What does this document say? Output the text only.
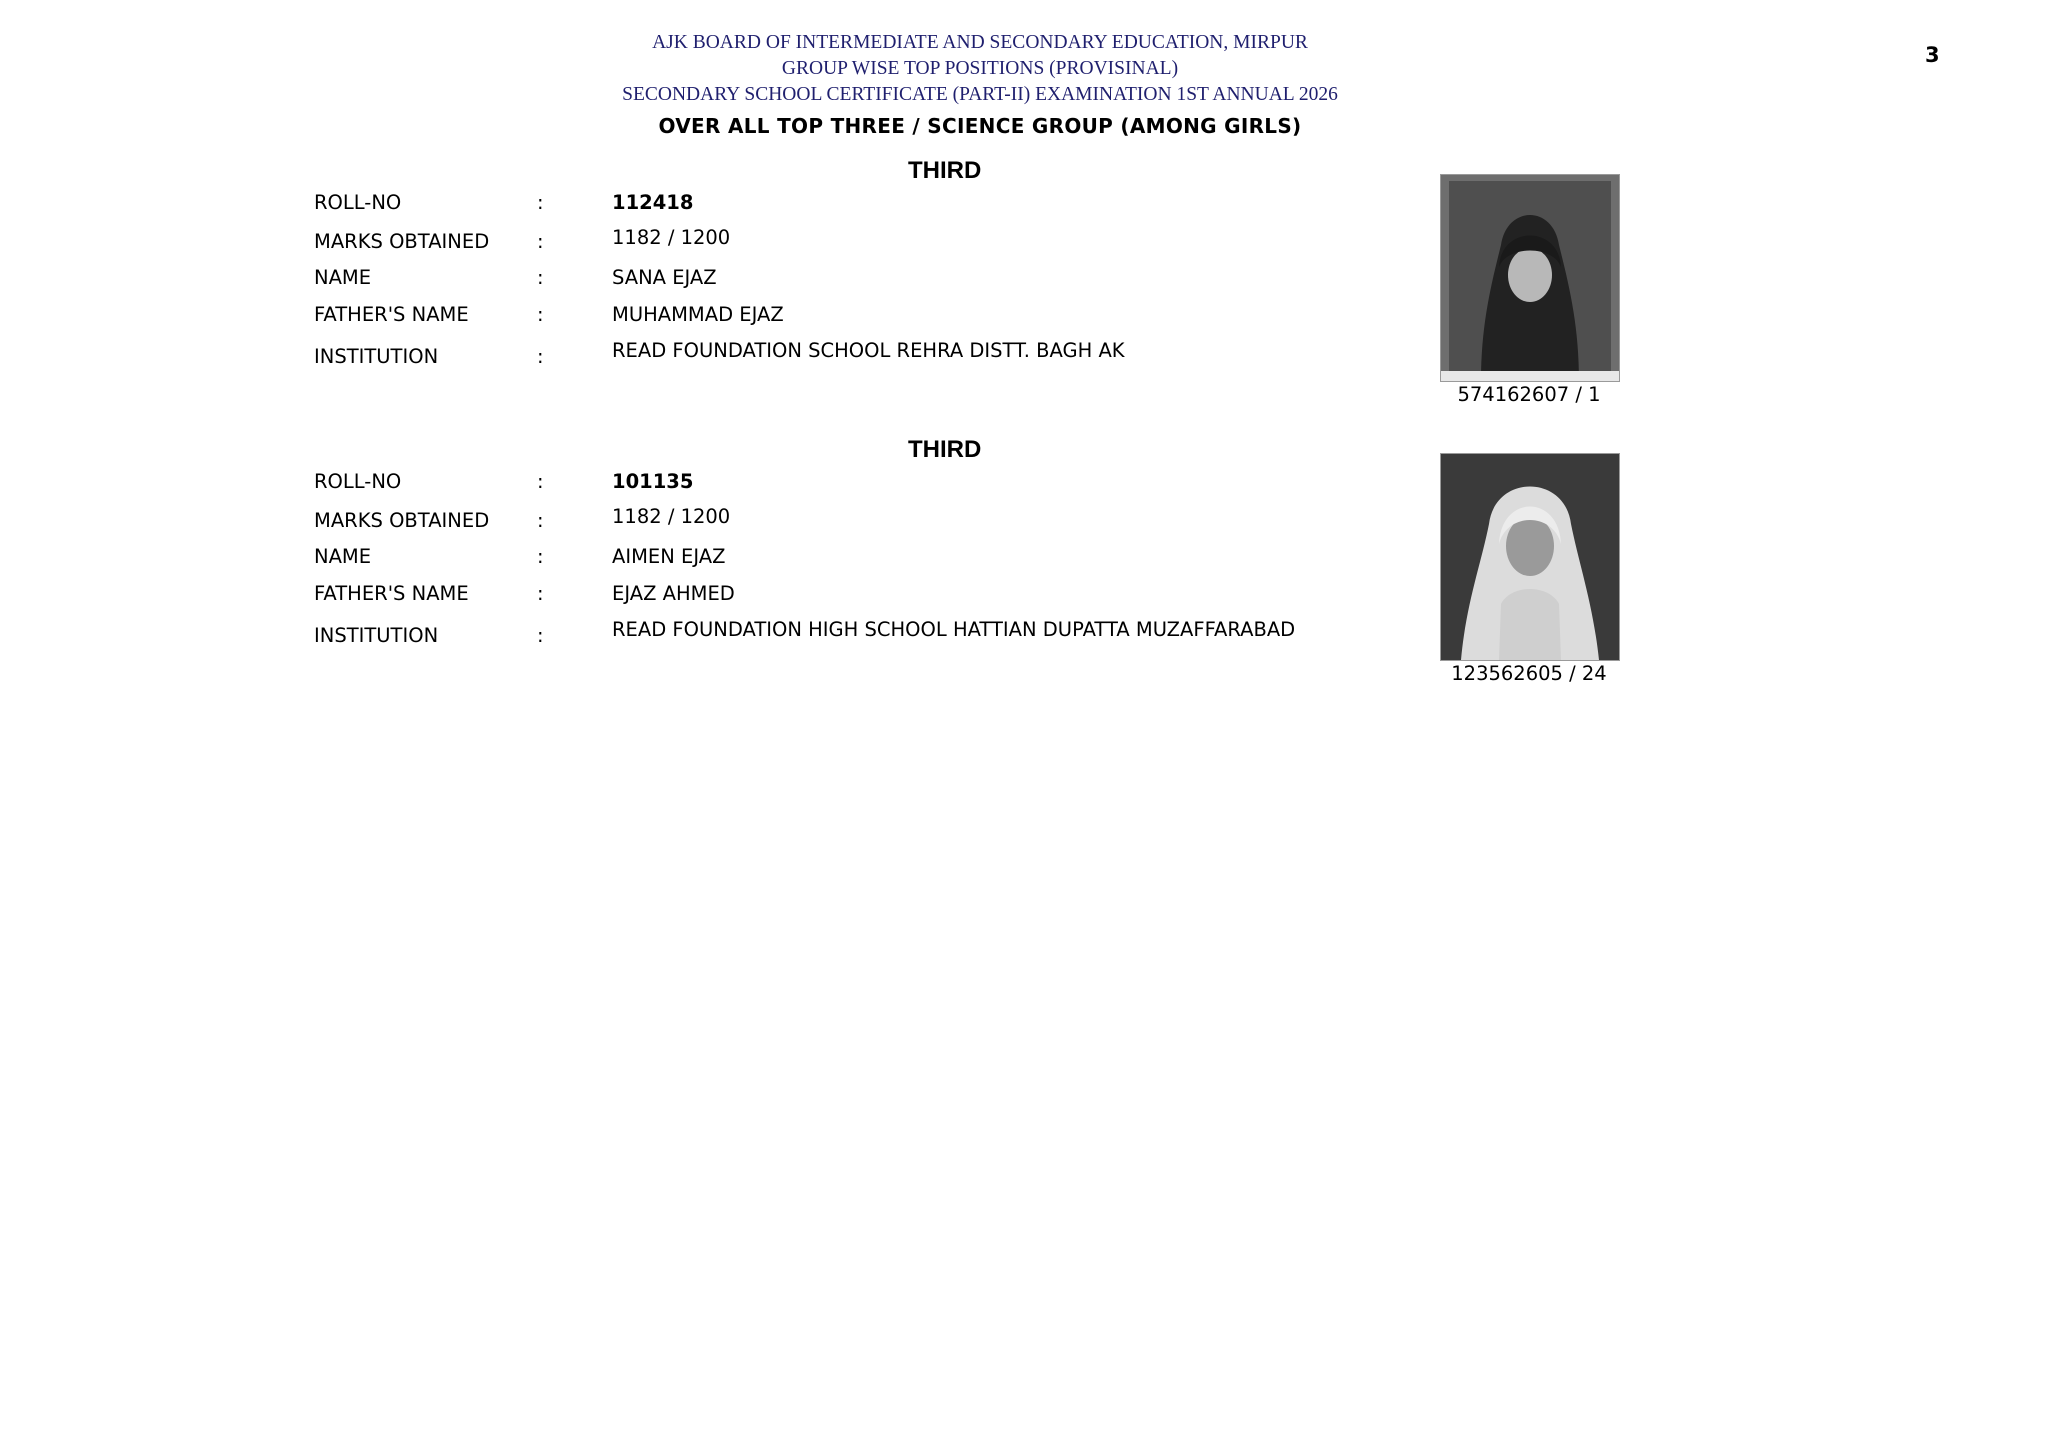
AJK BOARD OF INTERMEDIATE AND SECONDARY EDUCATION, MIRPUR
GROUP WISE TOP POSITIONS (PROVISINAL)
SECONDARY SCHOOL CERTIFICATE (PART-II) EXAMINATION 1ST ANNUAL 2026
OVER ALL TOP THREE / SCIENCE GROUP (AMONG GIRLS)
3
THIRD
ROLL-NO	:	112418
MARKS OBTAINED :	1182 / 1200
NAME	:	SANA EJAZ
FATHER'S NAME	:	MUHAMMAD EJAZ
INSTITUTION	:	READ FOUNDATION SCHOOL REHRA DISTT. BAGH AK
574162607 / 1
THIRD
ROLL-NO	:	101135
MARKS OBTAINED :	1182 / 1200
NAME	:	AIMEN EJAZ
FATHER'S NAME	:	EJAZ AHMED
INSTITUTION	:	READ FOUNDATION HIGH SCHOOL HATTIAN DUPATTA MUZAFFARABAD
123562605 / 24
